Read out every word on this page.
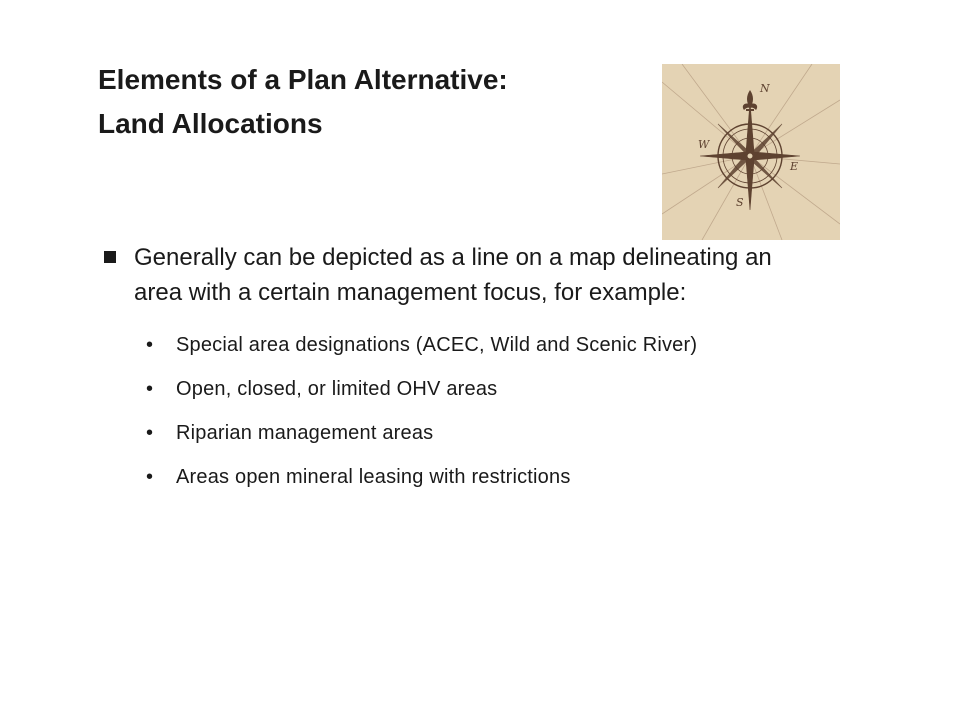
Elements of a Plan Alternative:
Land Allocations
N
W
E
S
Generally can be depicted as a line on a map delineating an area with a certain management focus, for example:
• Special area designations (ACEC, Wild and Scenic River)
• Open, closed, or limited OHV areas
• Riparian management areas
• Areas open mineral leasing with restrictions
